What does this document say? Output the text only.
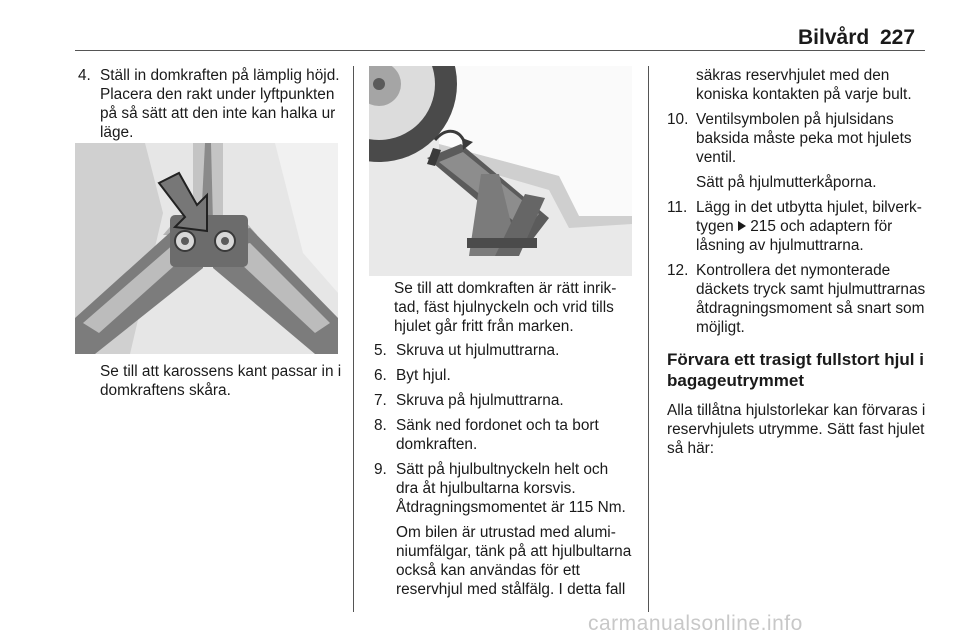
Bilvård 227
4. Ställ in domkraften på lämplig höjd. Placera den rakt under lyftpunkten på så sätt att den inte kan halka ur läge.

Se till att karossens kant passar in i domkraftens skåra.

Se till att domkraften är rätt inriktad, fäst hjulnyckeln och vrid tills hjulet går fritt från marken.

5. Skruva ut hjulmuttrarna.
6. Byt hjul.
7. Skruva på hjulmuttrarna.
8. Sänk ned fordonet och ta bort domkraften.
9. Sätt på hjulbultnyckeln helt och dra åt hjulbultarna korsvis. Åtdragningsmomentet är 115 Nm.

Om bilen är utrustad med aluminiumfälgar, tänk på att hjulbultarna också kan användas för ett reservhjul med stålfälg. I detta fall

säkras reservhjulet med den koniska kontakten på varje bult.

10. Ventilsymbolen på hjulsidans baksida måste peka mot hjulets ventil.

Sätt på hjulmutterkåporna.

11. Lägg in det utbytta hjulet, bilverktygen 215 och adaptern för låsning av hjulmuttrarna.
12. Kontrollera det nymonterade däckets tryck samt hjulmuttrarnas åtdragningsmoment så snart som möjligt.

Förvara ett trasigt fullstort hjul i bagageutrymmet

Alla tillåtna hjulstorlekar kan förvaras i reservhjulets utrymme. Sätt fast hjulet så här:

carmanualsonline.info
